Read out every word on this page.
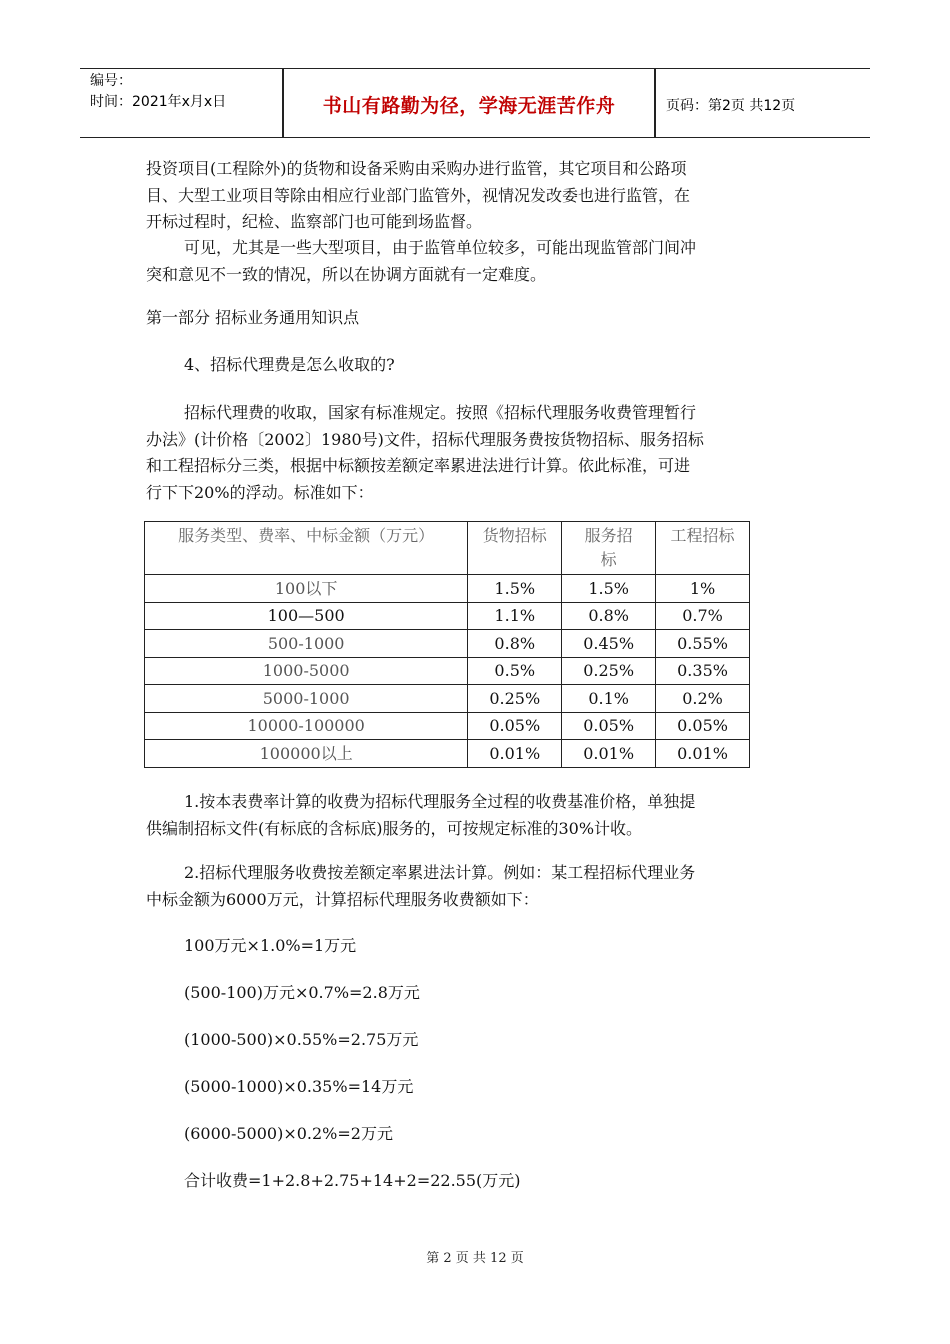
编号：
时间：2021年x月x日	书山有路勤为径，学海无涯苦作舟	页码：第2页 共12页
投资项目(工程除外)的货物和设备采购由采购办进行监管，其它项目和公路项
目、大型工业项目等除由相应行业部门监管外，视情况发改委也进行监管，在
开标过程时，纪检、监察部门也可能到场监督。
可见，尤其是一些大型项目，由于监管单位较多，可能出现监管部门间冲
突和意见不一致的情况，所以在协调方面就有一定难度。
第一部分 招标业务通用知识点
4、招标代理费是怎么收取的?
招标代理费的收取，国家有标准规定。按照《招标代理服务收费管理暂行
办法》(计价格〔2002〕1980号)文件，招标代理服务费按货物招标、服务招标
和工程招标分三类，根据中标额按差额定率累进法进行计算。依此标准，可进
行下下20%的浮动。标准如下：
服务类型、费率、中标金额（万元）	货物招标	服务招标	工程招标
100以下	1.5%	1.5%	1%
100—500	1.1%	0.8%	0.7%
500-1000	0.8%	0.45%	0.55%
1000-5000	0.5%	0.25%	0.35%
5000-1000	0.25%	0.1%	0.2%
10000-100000	0.05%	0.05%	0.05%
100000以上	0.01%	0.01%	0.01%
1.按本表费率计算的收费为招标代理服务全过程的收费基准价格，单独提
供编制招标文件(有标底的含标底)服务的，可按规定标准的30%计收。
2.招标代理服务收费按差额定率累进法计算。例如：某工程招标代理业务
中标金额为6000万元，计算招标代理服务收费额如下：
100万元×1.0%=1万元
(500-100)万元×0.7%=2.8万元
(1000-500)×0.55%=2.75万元
(5000-1000)×0.35%=14万元
(6000-5000)×0.2%=2万元
合计收费=1+2.8+2.75+14+2=22.55(万元)
第 2 页 共 12 页
